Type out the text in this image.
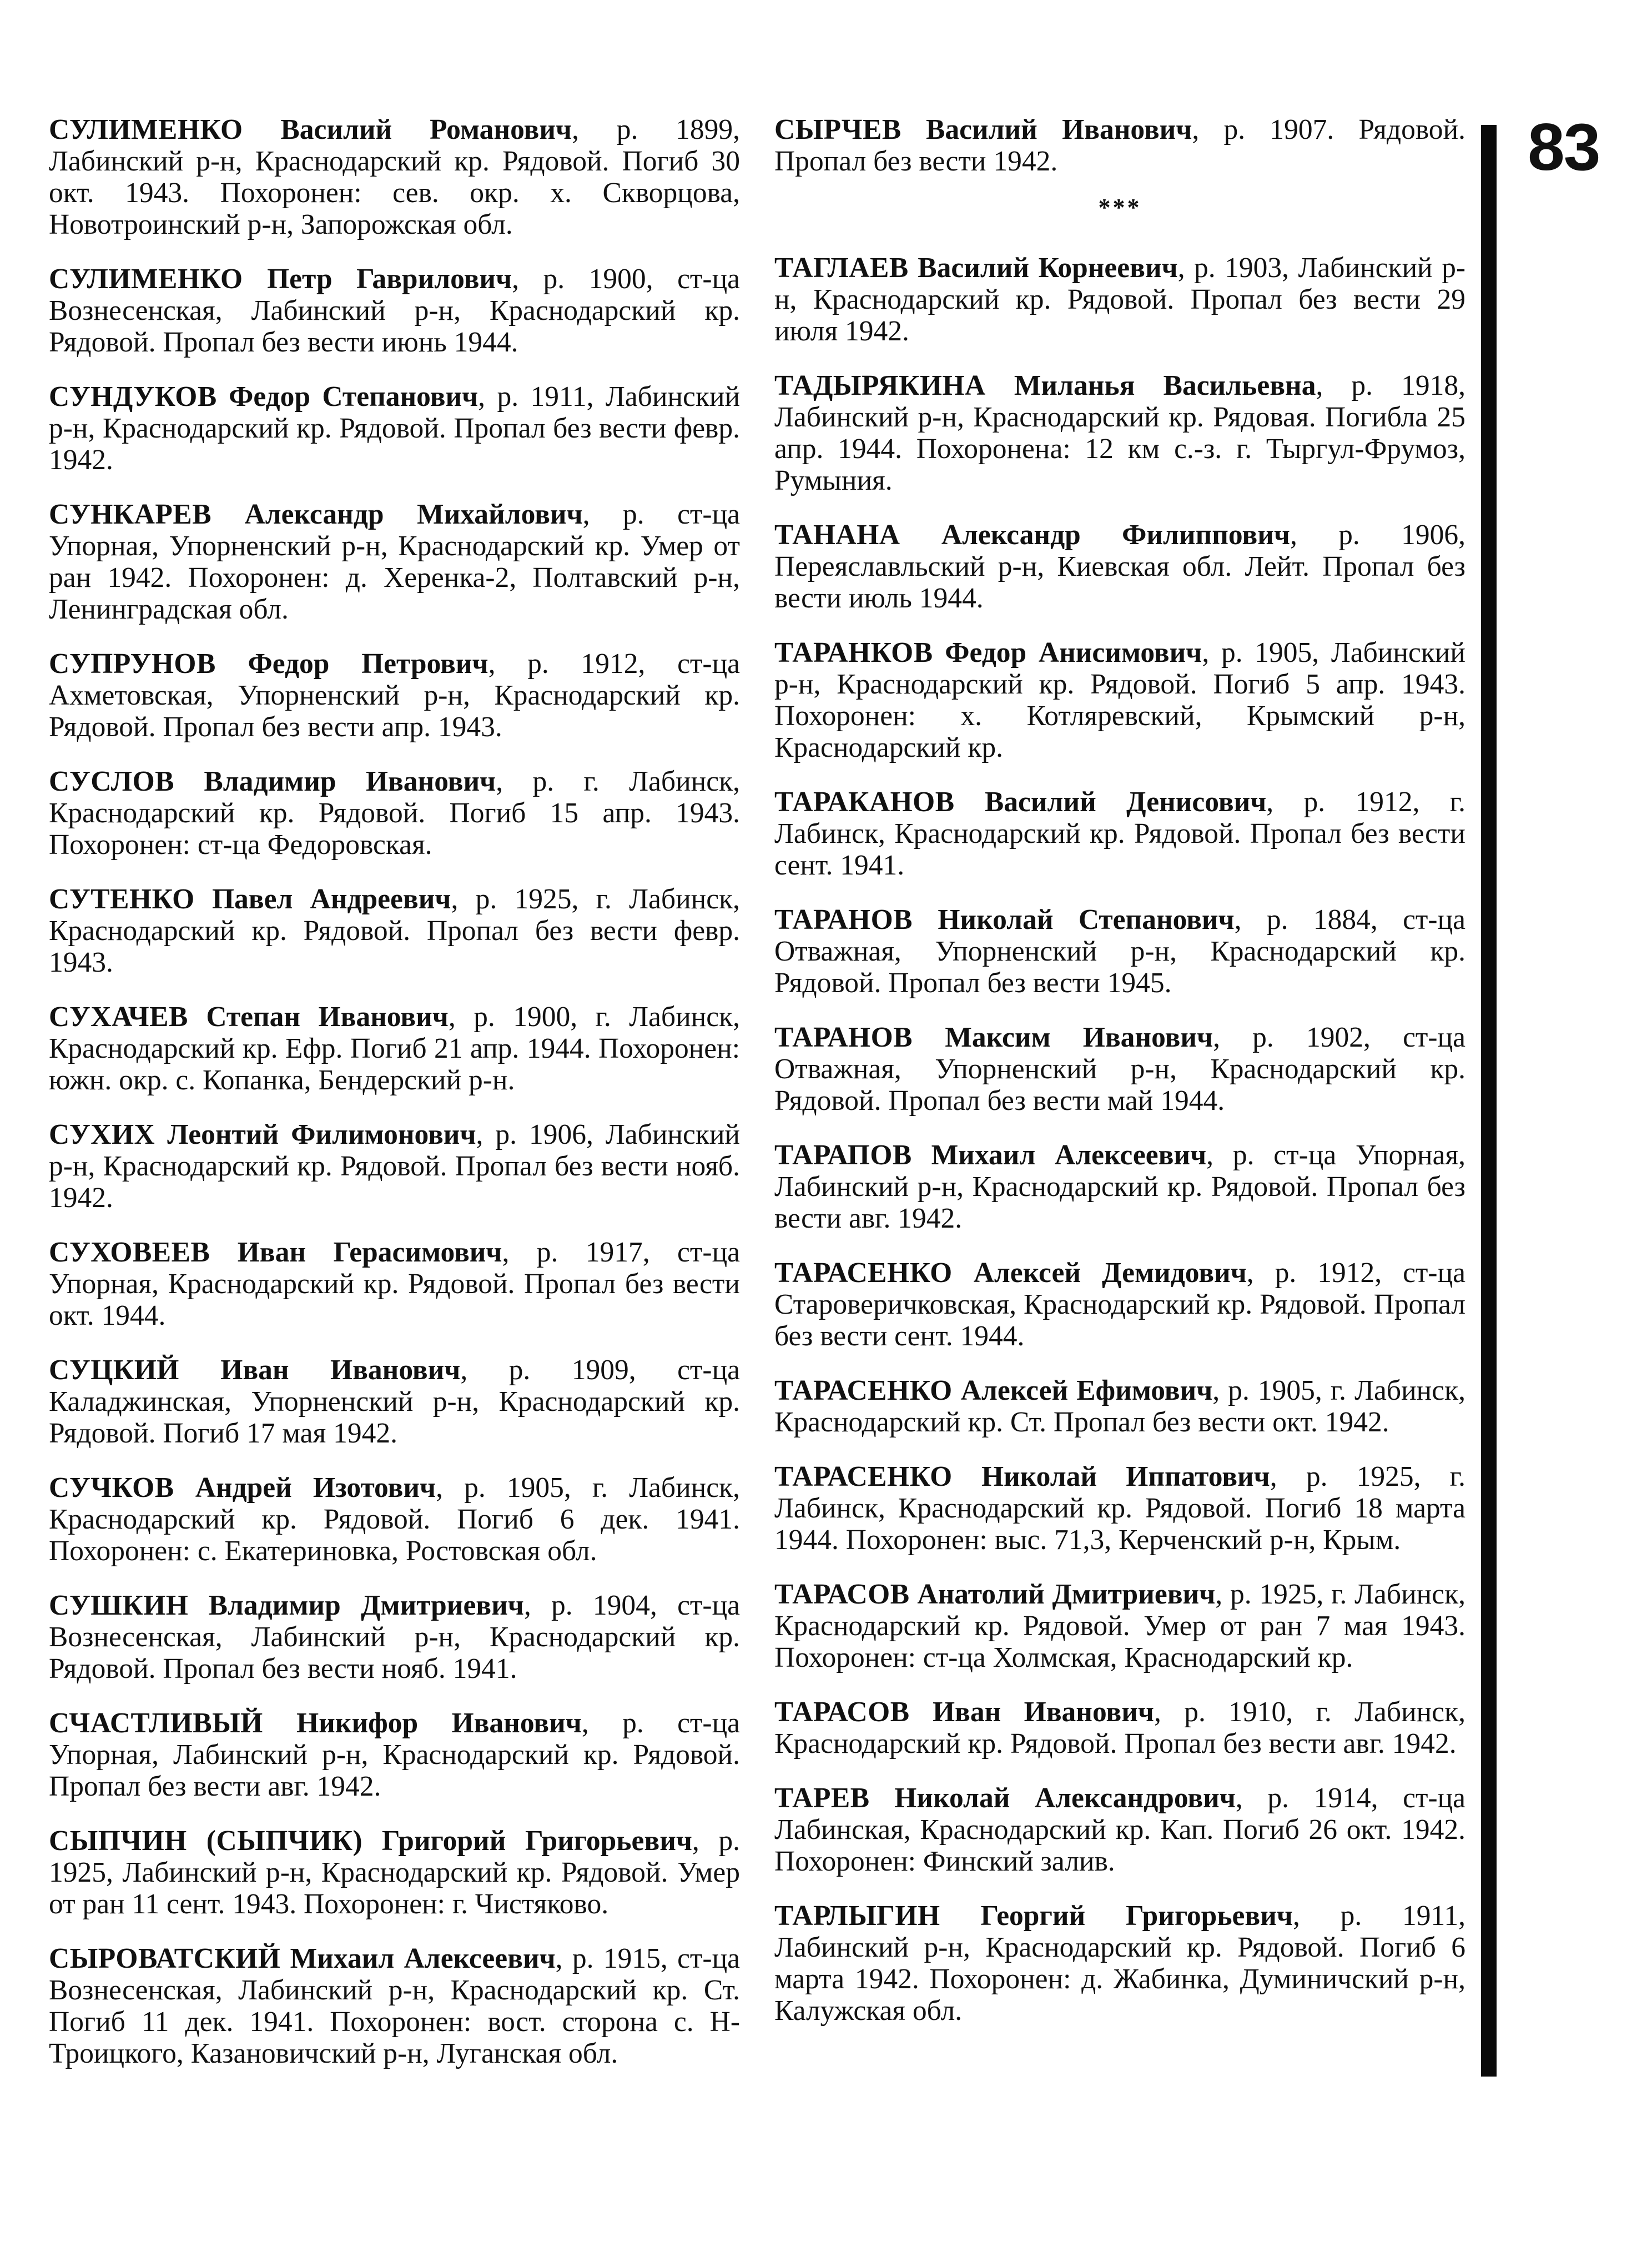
83

СУЛИМЕНКО Василий Романович, р. 1899, Лабинский р-н, Краснодарский кр. Рядовой. Погиб 30 окт. 1943. Похоронен: сев. окр. х. Скворцова, Новотроинский р-н, Запорожская обл.

СУЛИМЕНКО Петр Гаврилович, р. 1900, ст-ца Вознесенская, Лабинский р-н, Краснодарский кр. Рядовой. Пропал без вести июнь 1944.

СУНДУКОВ Федор Степанович, р. 1911, Лабинский р-н, Краснодарский кр. Рядовой. Пропал без вести февр. 1942.

СУНКАРЕВ Александр Михайлович, р. ст-ца Упорная, Упорненский р-н, Краснодарский кр. Умер от ран 1942. Похоронен: д. Херенка-2, Полтавский р-н, Ленинградская обл.

СУПРУНОВ Федор Петрович, р. 1912, ст-ца Ахметовская, Упорненский р-н, Краснодарский кр. Рядовой. Пропал без вести апр. 1943.

СУСЛОВ Владимир Иванович, р. г. Лабинск, Краснодарский кр. Рядовой. Погиб 15 апр. 1943. Похоронен: ст-ца Федоровская.

СУТЕНКО Павел Андреевич, р. 1925, г. Лабинск, Краснодарский кр. Рядовой. Пропал без вести февр. 1943.

СУХАЧЕВ Степан Иванович, р. 1900, г. Лабинск, Краснодарский кр. Ефр. Погиб 21 апр. 1944. Похоронен: южн. окр. с. Копанка, Бендерский р-н.

СУХИХ Леонтий Филимонович, р. 1906, Лабинский р-н, Краснодарский кр. Рядовой. Пропал без вести нояб. 1942.

СУХОВЕЕВ Иван Герасимович, р. 1917, ст-ца Упорная, Краснодарский кр. Рядовой. Пропал без вести окт. 1944.

СУЦКИЙ Иван Иванович, р. 1909, ст-ца Каладжинская, Упорненский р-н, Краснодарский кр. Рядовой. Погиб 17 мая 1942.

СУЧКОВ Андрей Изотович, р. 1905, г. Лабинск, Краснодарский кр. Рядовой. Погиб 6 дек. 1941. Похоронен: с. Екатериновка, Ростовская обл.

СУШКИН Владимир Дмитриевич, р. 1904, ст-ца Вознесенская, Лабинский р-н, Краснодарский кр. Рядовой. Пропал без вести нояб. 1941.

СЧАСТЛИВЫЙ Никифор Иванович, р. ст-ца Упорная, Лабинский р-н, Краснодарский кр. Рядовой. Пропал без вести авг. 1942.

СЫПЧИН (СЫПЧИК) Григорий Григорьевич, р. 1925, Лабинский р-н, Краснодарский кр. Рядовой. Умер от ран 11 сент. 1943. Похоронен: г. Чистяково.

СЫРОВАТСКИЙ Михаил Алексеевич, р. 1915, ст-ца Вознесенская, Лабинский р-н, Краснодарский кр. Ст. Погиб 11 дек. 1941. Похоронен: вост. сторона с. Н-Троицкого, Казановичский р-н, Луганская обл.

СЫРЧЕВ Василий Иванович, р. 1907. Рядовой. Пропал без вести 1942.

***

ТАГЛАЕВ Василий Корнеевич, р. 1903, Лабинский р-н, Краснодарский кр. Рядовой. Пропал без вести 29 июля 1942.

ТАДЫРЯКИНА Миланья Васильевна, р. 1918, Лабинский р-н, Краснодарский кр. Рядовая. Погибла 25 апр. 1944. Похоронена: 12 км с.-з. г. Тыргул-Фрумоз, Румыния.

ТАНАНА Александр Филиппович, р. 1906, Переяславльский р-н, Киевская обл. Лейт. Пропал без вести июль 1944.

ТАРАНКОВ Федор Анисимович, р. 1905, Лабинский р-н, Краснодарский кр. Рядовой. Погиб 5 апр. 1943. Похоронен: х. Котляревский, Крымский р-н, Краснодарский кр.

ТАРАКАНОВ Василий Денисович, р. 1912, г. Лабинск, Краснодарский кр. Рядовой. Пропал без вести сент. 1941.

ТАРАНОВ Николай Степанович, р. 1884, ст-ца Отважная, Упорненский р-н, Краснодарский кр. Рядовой. Пропал без вести 1945.

ТАРАНОВ Максим Иванович, р. 1902, ст-ца Отважная, Упорненский р-н, Краснодарский кр. Рядовой. Пропал без вести май 1944.

ТАРАПОВ Михаил Алексеевич, р. ст-ца Упорная, Лабинский р-н, Краснодарский кр. Рядовой. Пропал без вести авг. 1942.

ТАРАСЕНКО Алексей Демидович, р. 1912, ст-ца Староверичковская, Краснодарский кр. Рядовой. Пропал без вести сент. 1944.

ТАРАСЕНКО Алексей Ефимович, р. 1905, г. Лабинск, Краснодарский кр. Ст. Пропал без вести окт. 1942.

ТАРАСЕНКО Николай Иппатович, р. 1925, г. Лабинск, Краснодарский кр. Рядовой. Погиб 18 марта 1944. Похоронен: выс. 71,3, Керченский р-н, Крым.

ТАРАСОВ Анатолий Дмитриевич, р. 1925, г. Лабинск, Краснодарский кр. Рядовой. Умер от ран 7 мая 1943. Похоронен: ст-ца Холмская, Краснодарский кр.

ТАРАСОВ Иван Иванович, р. 1910, г. Лабинск, Краснодарский кр. Рядовой. Пропал без вести авг. 1942.

ТАРЕВ Николай Александрович, р. 1914, ст-ца Лабинская, Краснодарский кр. Кап. Погиб 26 окт. 1942. Похоронен: Финский залив.

ТАРЛЫГИН Георгий Григорьевич, р. 1911, Лабинский р-н, Краснодарский кр. Рядовой. Погиб 6 марта 1942. Похоронен: д. Жабинка, Думиничский р-н, Калужская обл.
